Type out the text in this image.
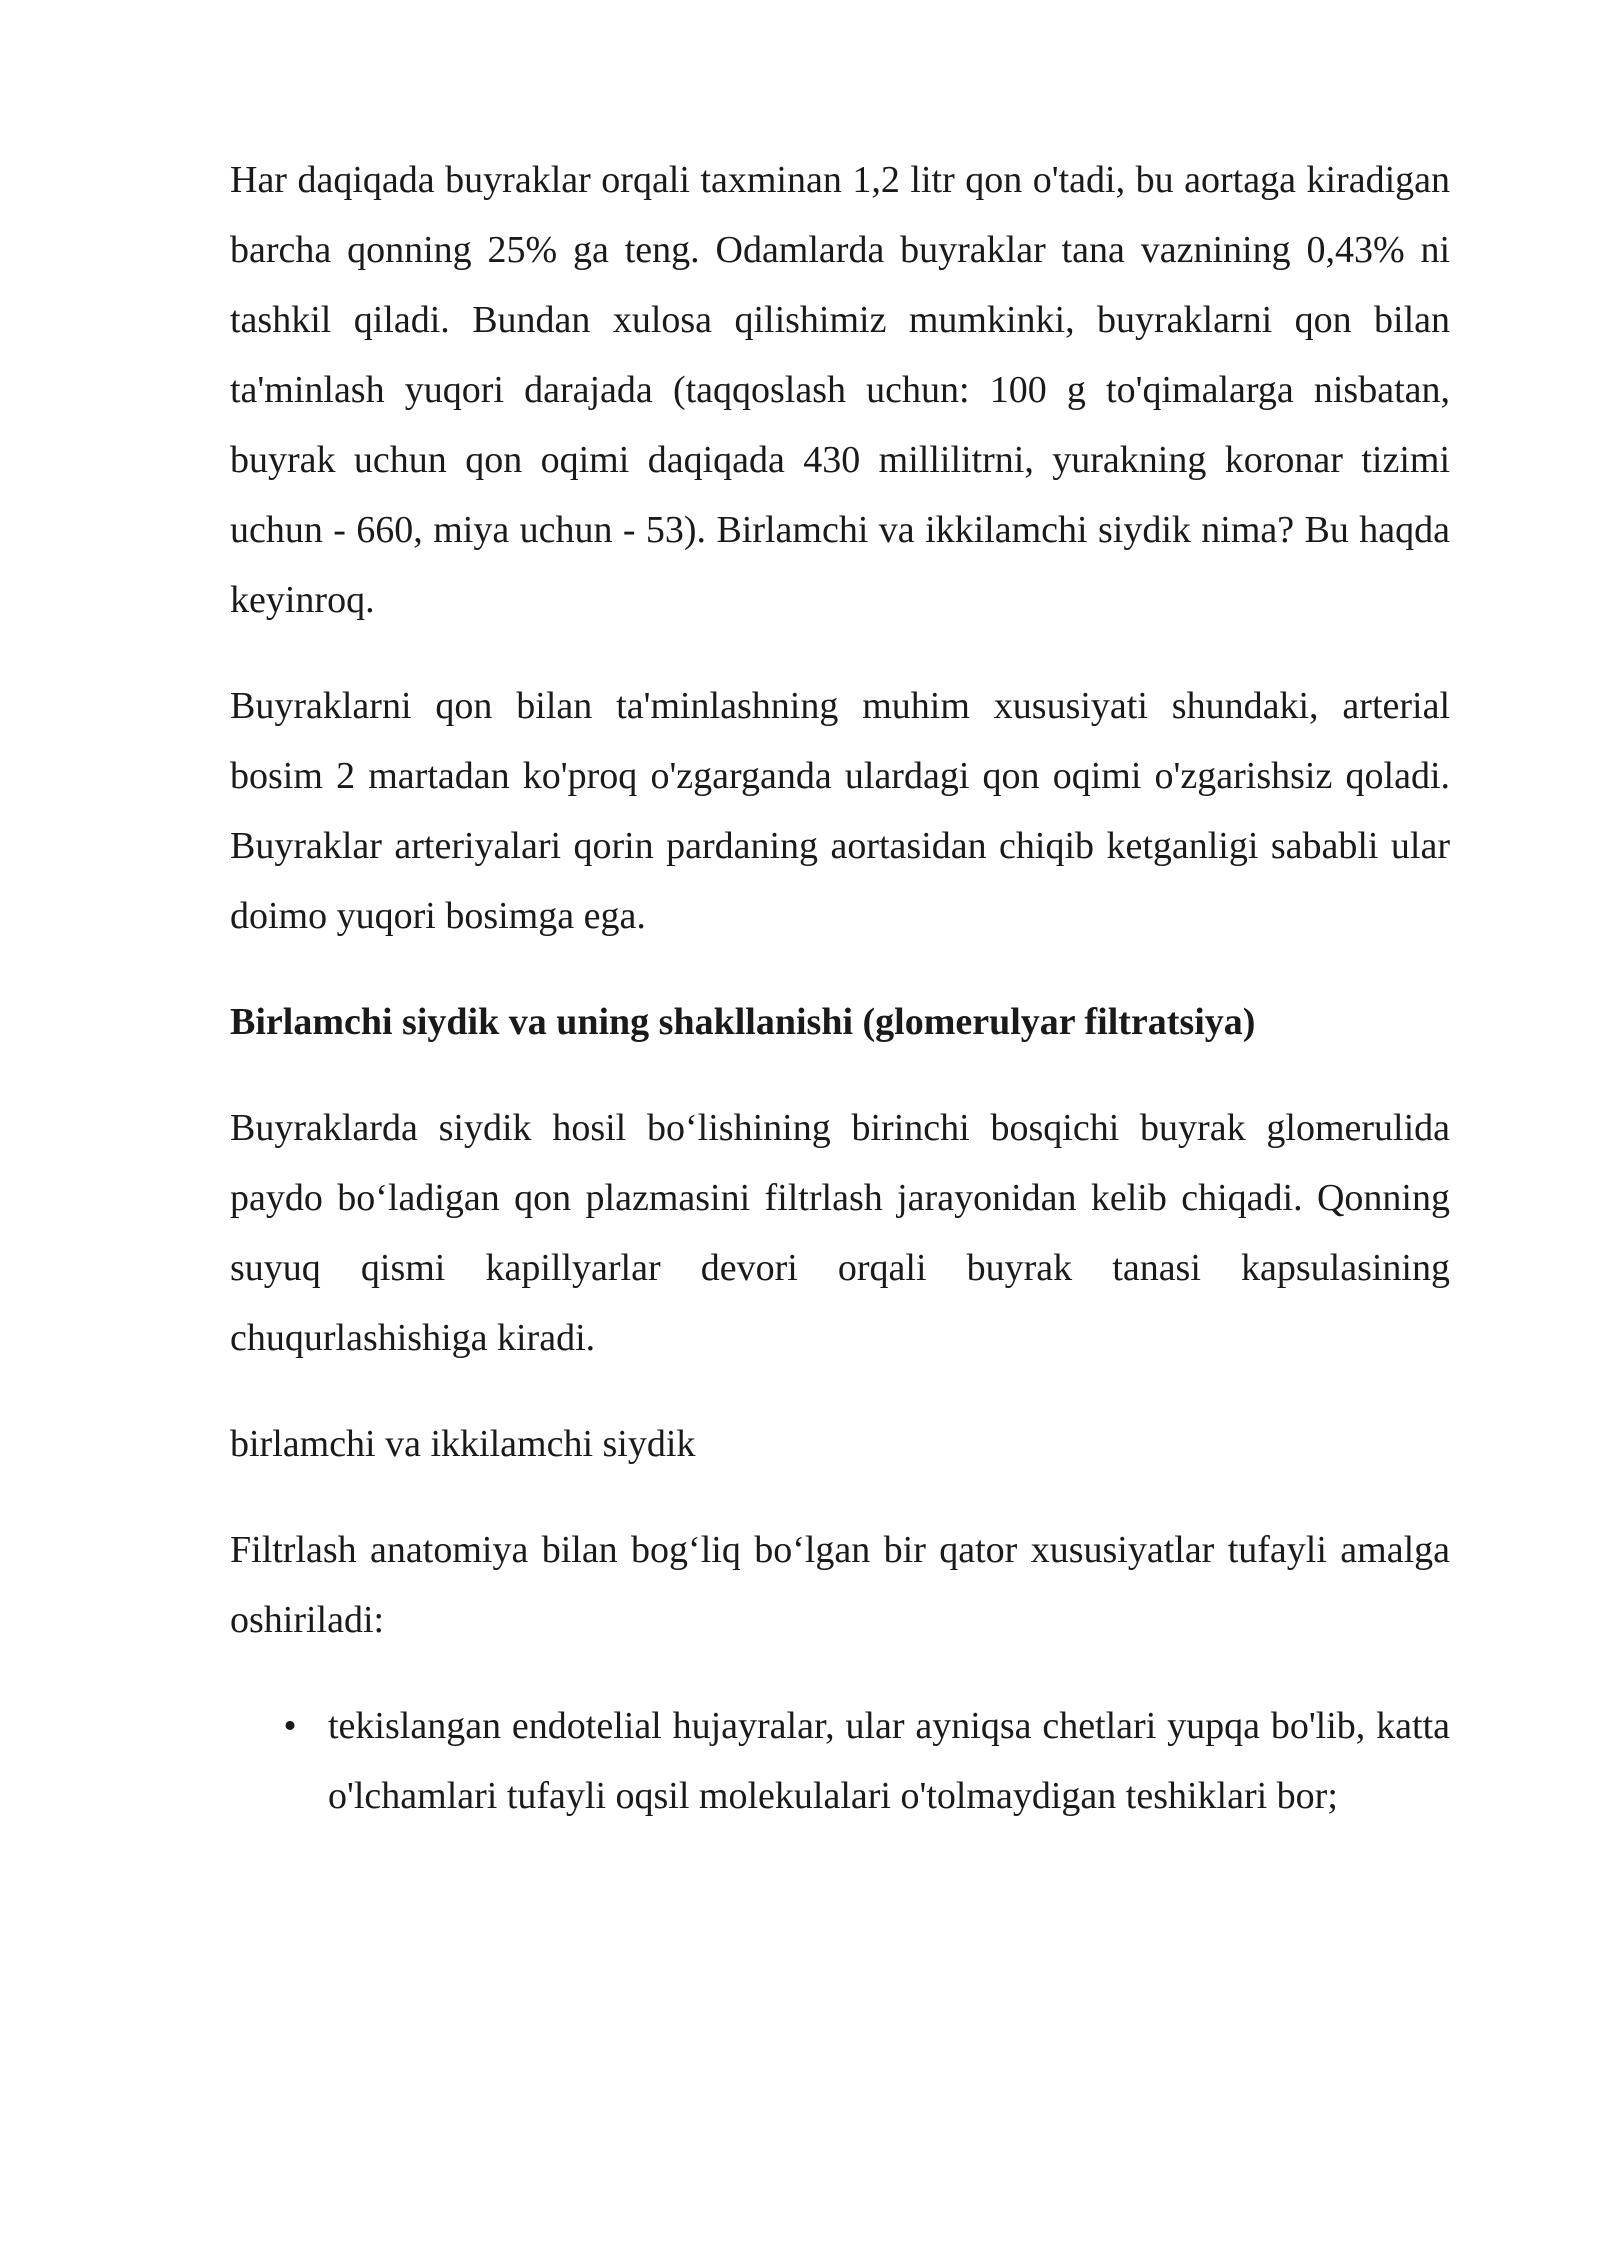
Har daqiqada buyraklar orqali taxminan 1,2 litr qon o'tadi, bu aortaga kiradigan barcha qonning 25% ga teng. Odamlarda buyraklar tana vaznining 0,43% ni tashkil qiladi. Bundan xulosa qilishimiz mumkinki, buyraklarni qon bilan ta'minlash yuqori darajada (taqqoslash uchun: 100 g to'qimalarga nisbatan, buyrak uchun qon oqimi daqiqada 430 millilitrni, yurakning koronar tizimi uchun - 660, miya uchun - 53). Birlamchi va ikkilamchi siydik nima? Bu haqda keyinroq.

Buyraklarni qon bilan ta'minlashning muhim xususiyati shundaki, arterial bosim 2 martadan ko'proq o'zgarganda ulardagi qon oqimi o'zgarishsiz qoladi. Buyraklar arteriyalari qorin pardaning aortasidan chiqib ketganligi sababli ular doimo yuqori bosimga ega.

Birlamchi siydik va uning shakllanishi (glomerulyar filtratsiya)

Buyraklarda siydik hosil bo‘lishining birinchi bosqichi buyrak glomerulida paydo bo‘ladigan qon plazmasini filtrlash jarayonidan kelib chiqadi. Qonning suyuq qismi kapillyarlar devori orqali buyrak tanasi kapsulasining chuqurlashishiga kiradi.

birlamchi va ikkilamchi siydik

Filtrlash anatomiya bilan bog‘liq bo‘lgan bir qator xususiyatlar tufayli amalga oshiriladi:

• tekislangan endotelial hujayralar, ular ayniqsa chetlari yupqa bo'lib, katta o'lchamlari tufayli oqsil molekulalari o'tolmaydigan teshiklari bor;
